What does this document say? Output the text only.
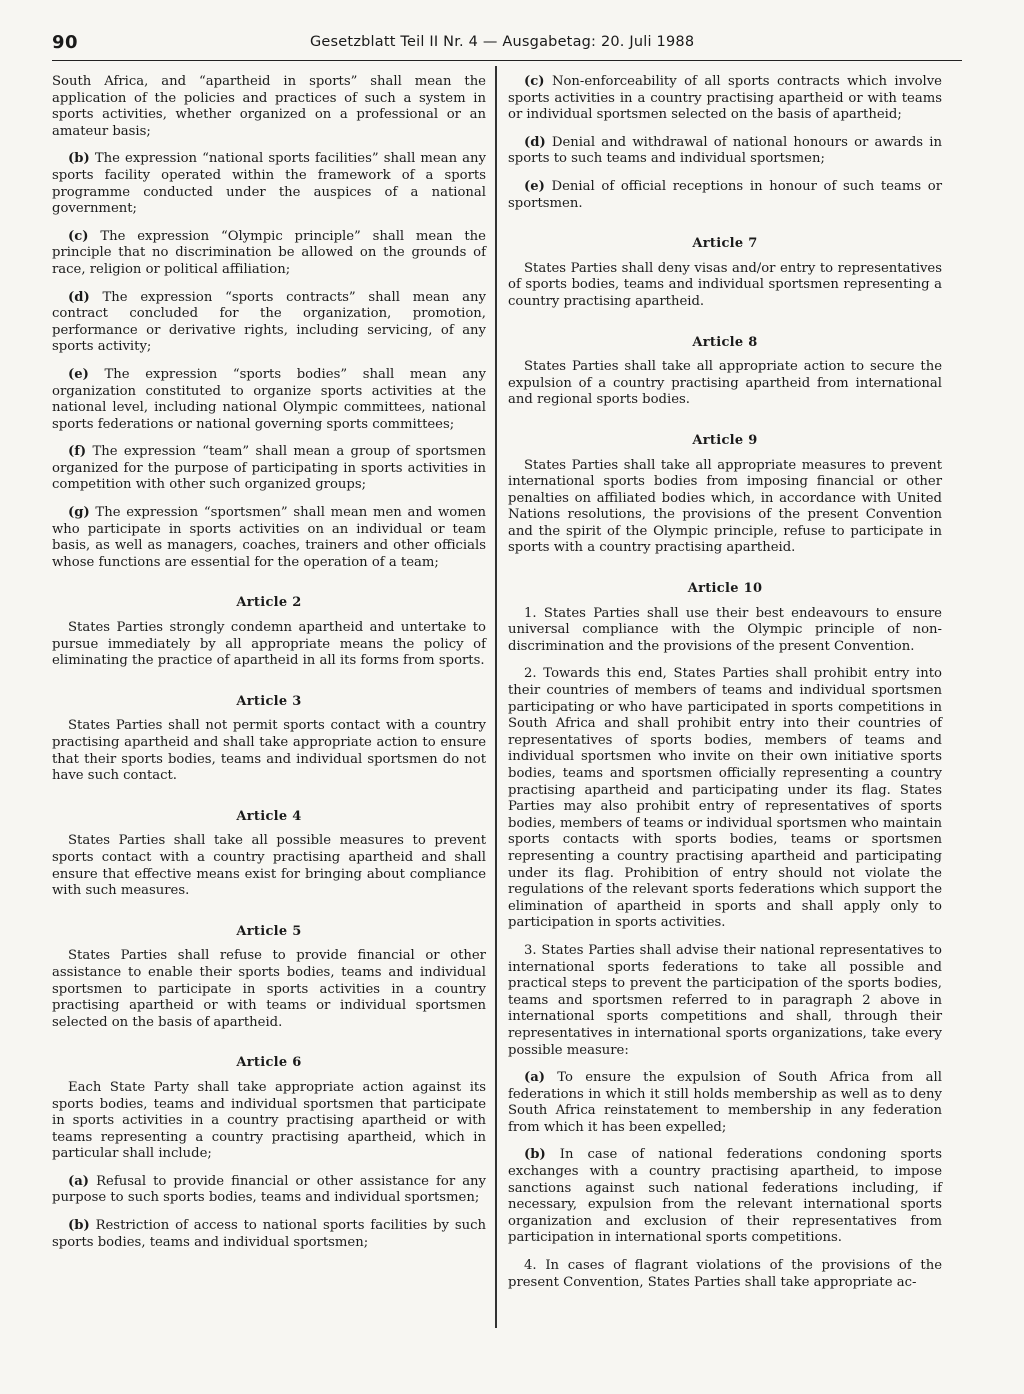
90	Gesetzblatt Teil II Nr. 4 — Ausgabetag: 20. Juli 1988

South Africa, and “apartheid in sports” shall mean the application of the policies and practices of such a system in sports activities, whether organized on a professional or an amateur basis;

(b) The expression “national sports facilities” shall mean any sports facility operated within the framework of a sports programme conducted under the auspices of a national government;

(c) The expression “Olympic principle” shall mean the principle that no discrimination be allowed on the grounds of race, religion or political affiliation;

(d) The expression “sports contracts” shall mean any contract concluded for the organization, promotion, performance or derivative rights, including servicing, of any sports activity;

(e) The expression “sports bodies” shall mean any organization constituted to organize sports activities at the national level, including national Olympic committees, national sports federations or national governing sports committees;

(f) The expression “team” shall mean a group of sportsmen organized for the purpose of participating in sports activities in competition with other such organized groups;

(g) The expression “sportsmen” shall mean men and women who participate in sports activities on an individual or team basis, as well as managers, coaches, trainers and other officials whose functions are essential for the operation of a team;

Article 2

States Parties strongly condemn apartheid and untertake to pursue immediately by all appropriate means the policy of eliminating the practice of apartheid in all its forms from sports.

Article 3

States Parties shall not permit sports contact with a country practising apartheid and shall take appropriate action to ensure that their sports bodies, teams and individual sportsmen do not have such contact.

Article 4

States Parties shall take all possible measures to prevent sports contact with a country practising apartheid and shall ensure that effective means exist for bringing about compliance with such measures.

Article 5

States Parties shall refuse to provide financial or other assistance to enable their sports bodies, teams and individual sportsmen to participate in sports activities in a country practising apartheid or with teams or individual sportsmen selected on the basis of apartheid.

Article 6

Each State Party shall take appropriate action against its sports bodies, teams and individual sportsmen that participate in sports activities in a country practising apartheid or with teams representing a country practising apartheid, which in particular shall include;

(a) Refusal to provide financial or other assistance for any purpose to such sports bodies, teams and individual sportsmen;

(b) Restriction of access to national sports facilities by such sports bodies, teams and individual sportsmen;

(c) Non-enforceability of all sports contracts which involve sports activities in a country practising apartheid or with teams or individual sportsmen selected on the basis of apartheid;

(d) Denial and withdrawal of national honours or awards in sports to such teams and individual sportsmen;

(e) Denial of official receptions in honour of such teams or sportsmen.

Article 7

States Parties shall deny visas and/or entry to representatives of sports bodies, teams and individual sportsmen representing a country practising apartheid.

Article 8

States Parties shall take all appropriate action to secure the expulsion of a country practising apartheid from international and regional sports bodies.

Article 9

States Parties shall take all appropriate measures to prevent international sports bodies from imposing financial or other penalties on affiliated bodies which, in accordance with United Nations resolutions, the provisions of the present Convention and the spirit of the Olympic principle, refuse to participate in sports with a country practising apartheid.

Article 10

1. States Parties shall use their best endeavours to ensure universal compliance with the Olympic principle of non-discrimination and the provisions of the present Convention.

2. Towards this end, States Parties shall prohibit entry into their countries of members of teams and individual sportsmen participating or who have participated in sports competitions in South Africa and shall prohibit entry into their countries of representatives of sports bodies, members of teams and individual sportsmen who invite on their own initiative sports bodies, teams and sportsmen officially representing a country practising apartheid and participating under its flag. States Parties may also prohibit entry of representatives of sports bodies, members of teams or individual sportsmen who maintain sports contacts with sports bodies, teams or sportsmen representing a country practising apartheid and participating under its flag. Prohibition of entry should not violate the regulations of the relevant sports federations which support the elimination of apartheid in sports and shall apply only to participation in sports activities.

3. States Parties shall advise their national representatives to international sports federations to take all possible and practical steps to prevent the participation of the sports bodies, teams and sportsmen referred to in paragraph 2 above in international sports competitions and shall, through their representatives in international sports organizations, take every possible measure:

(a) To ensure the expulsion of South Africa from all federations in which it still holds membership as well as to deny South Africa reinstatement to membership in any federation from which it has been expelled;

(b) In case of national federations condoning sports exchanges with a country practising apartheid, to impose sanctions against such national federations including, if necessary, expulsion from the relevant international sports organization and exclusion of their representatives from participation in international sports competitions.

4. In cases of flagrant violations of the provisions of the present Convention, States Parties shall take appropriate ac-
